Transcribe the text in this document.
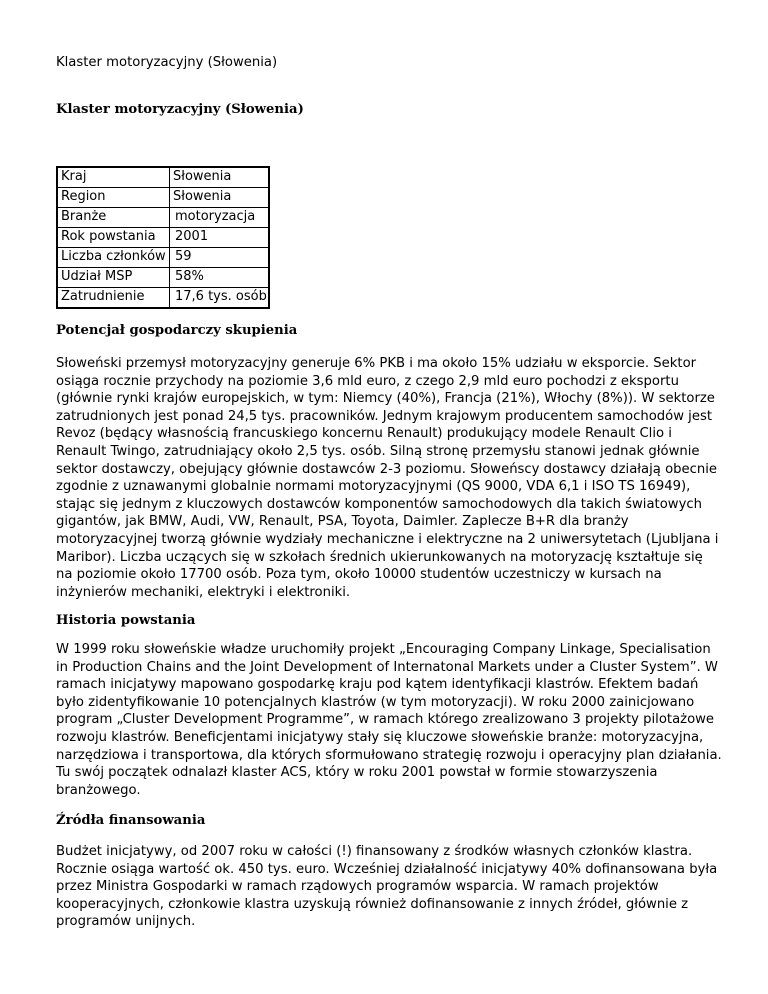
Klaster motoryzacyjny (Słowenia)
Klaster motoryzacyjny (Słowenia)
Kraj	Słowenia
Region	Słowenia
Branże	motoryzacja
Rok powstania	2001
Liczba członków	59
Udział MSP	58%
Zatrudnienie	17,6 tys. osób
Potencjał gospodarczy skupienia

Słoweński przemysł motoryzacyjny generuje 6% PKB i ma około 15% udziału w eksporcie. Sektor
osiąga rocznie przychody na poziomie 3,6 mld euro, z czego 2,9 mld euro pochodzi z eksportu
(głównie rynki krajów europejskich, w tym: Niemcy (40%), Francja (21%), Włochy (8%)). W sektorze
zatrudnionych jest ponad 24,5 tys. pracowników. Jednym krajowym producentem samochodów jest
Revoz (będący własnością francuskiego koncernu Renault) produkujący modele Renault Clio i
Renault Twingo, zatrudniający około 2,5 tys. osób. Silną stronę przemysłu stanowi jednak głównie
sektor dostawczy, obejujący głównie dostawców 2-3 poziomu. Słoweńscy dostawcy działają obecnie
zgodnie z uznawanymi globalnie normami motoryzacyjnymi (QS 9000, VDA 6,1 i ISO TS 16949),
stając się jednym z kluczowych dostawców komponentów samochodowych dla takich światowych
gigantów, jak BMW, Audi, VW, Renault, PSA, Toyota, Daimler. Zaplecze B+R dla branży
motoryzacyjnej tworzą głównie wydziały mechaniczne i elektryczne na 2 uniwersytetach (Ljubljana i
Maribor). Liczba uczących się w szkołach średnich ukierunkowanych na motoryzację kształtuje się
na poziomie około 17700 osób. Poza tym, około 10000 studentów uczestniczy w kursach na
inżynierów mechaniki, elektryki i elektroniki.

Historia powstania

W 1999 roku słoweńskie władze uruchomiły projekt „Encouraging Company Linkage, Specialisation
in Production Chains and the Joint Development of Internatonal Markets under a Cluster System”. W
ramach inicjatywy mapowano gospodarkę kraju pod kątem identyfikacji klastrów. Efektem badań
było zidentyfikowanie 10 potencjalnych klastrów (w tym motoryzacji). W roku 2000 zainicjowano
program „Cluster Development Programme”, w ramach którego zrealizowano 3 projekty pilotażowe
rozwoju klastrów. Beneficjentami inicjatywy stały się kluczowe słoweńskie branże: motoryzacyjna,
narzędziowa i transportowa, dla których sformułowano strategię rozwoju i operacyjny plan działania.
Tu swój początek odnalazł klaster ACS, który w roku 2001 powstał w formie stowarzyszenia
branżowego.

Źródła finansowania

Budżet inicjatywy, od 2007 roku w całości (!) finansowany z środków własnych członków klastra.
Rocznie osiąga wartość ok. 450 tys. euro. Wcześniej działalność inicjatywy 40% dofinansowana była
przez Ministra Gospodarki w ramach rządowych programów wsparcia. W ramach projektów
kooperacyjnych, członkowie klastra uzyskują również dofinansowanie z innych źródeł, głównie z
programów unijnych.
